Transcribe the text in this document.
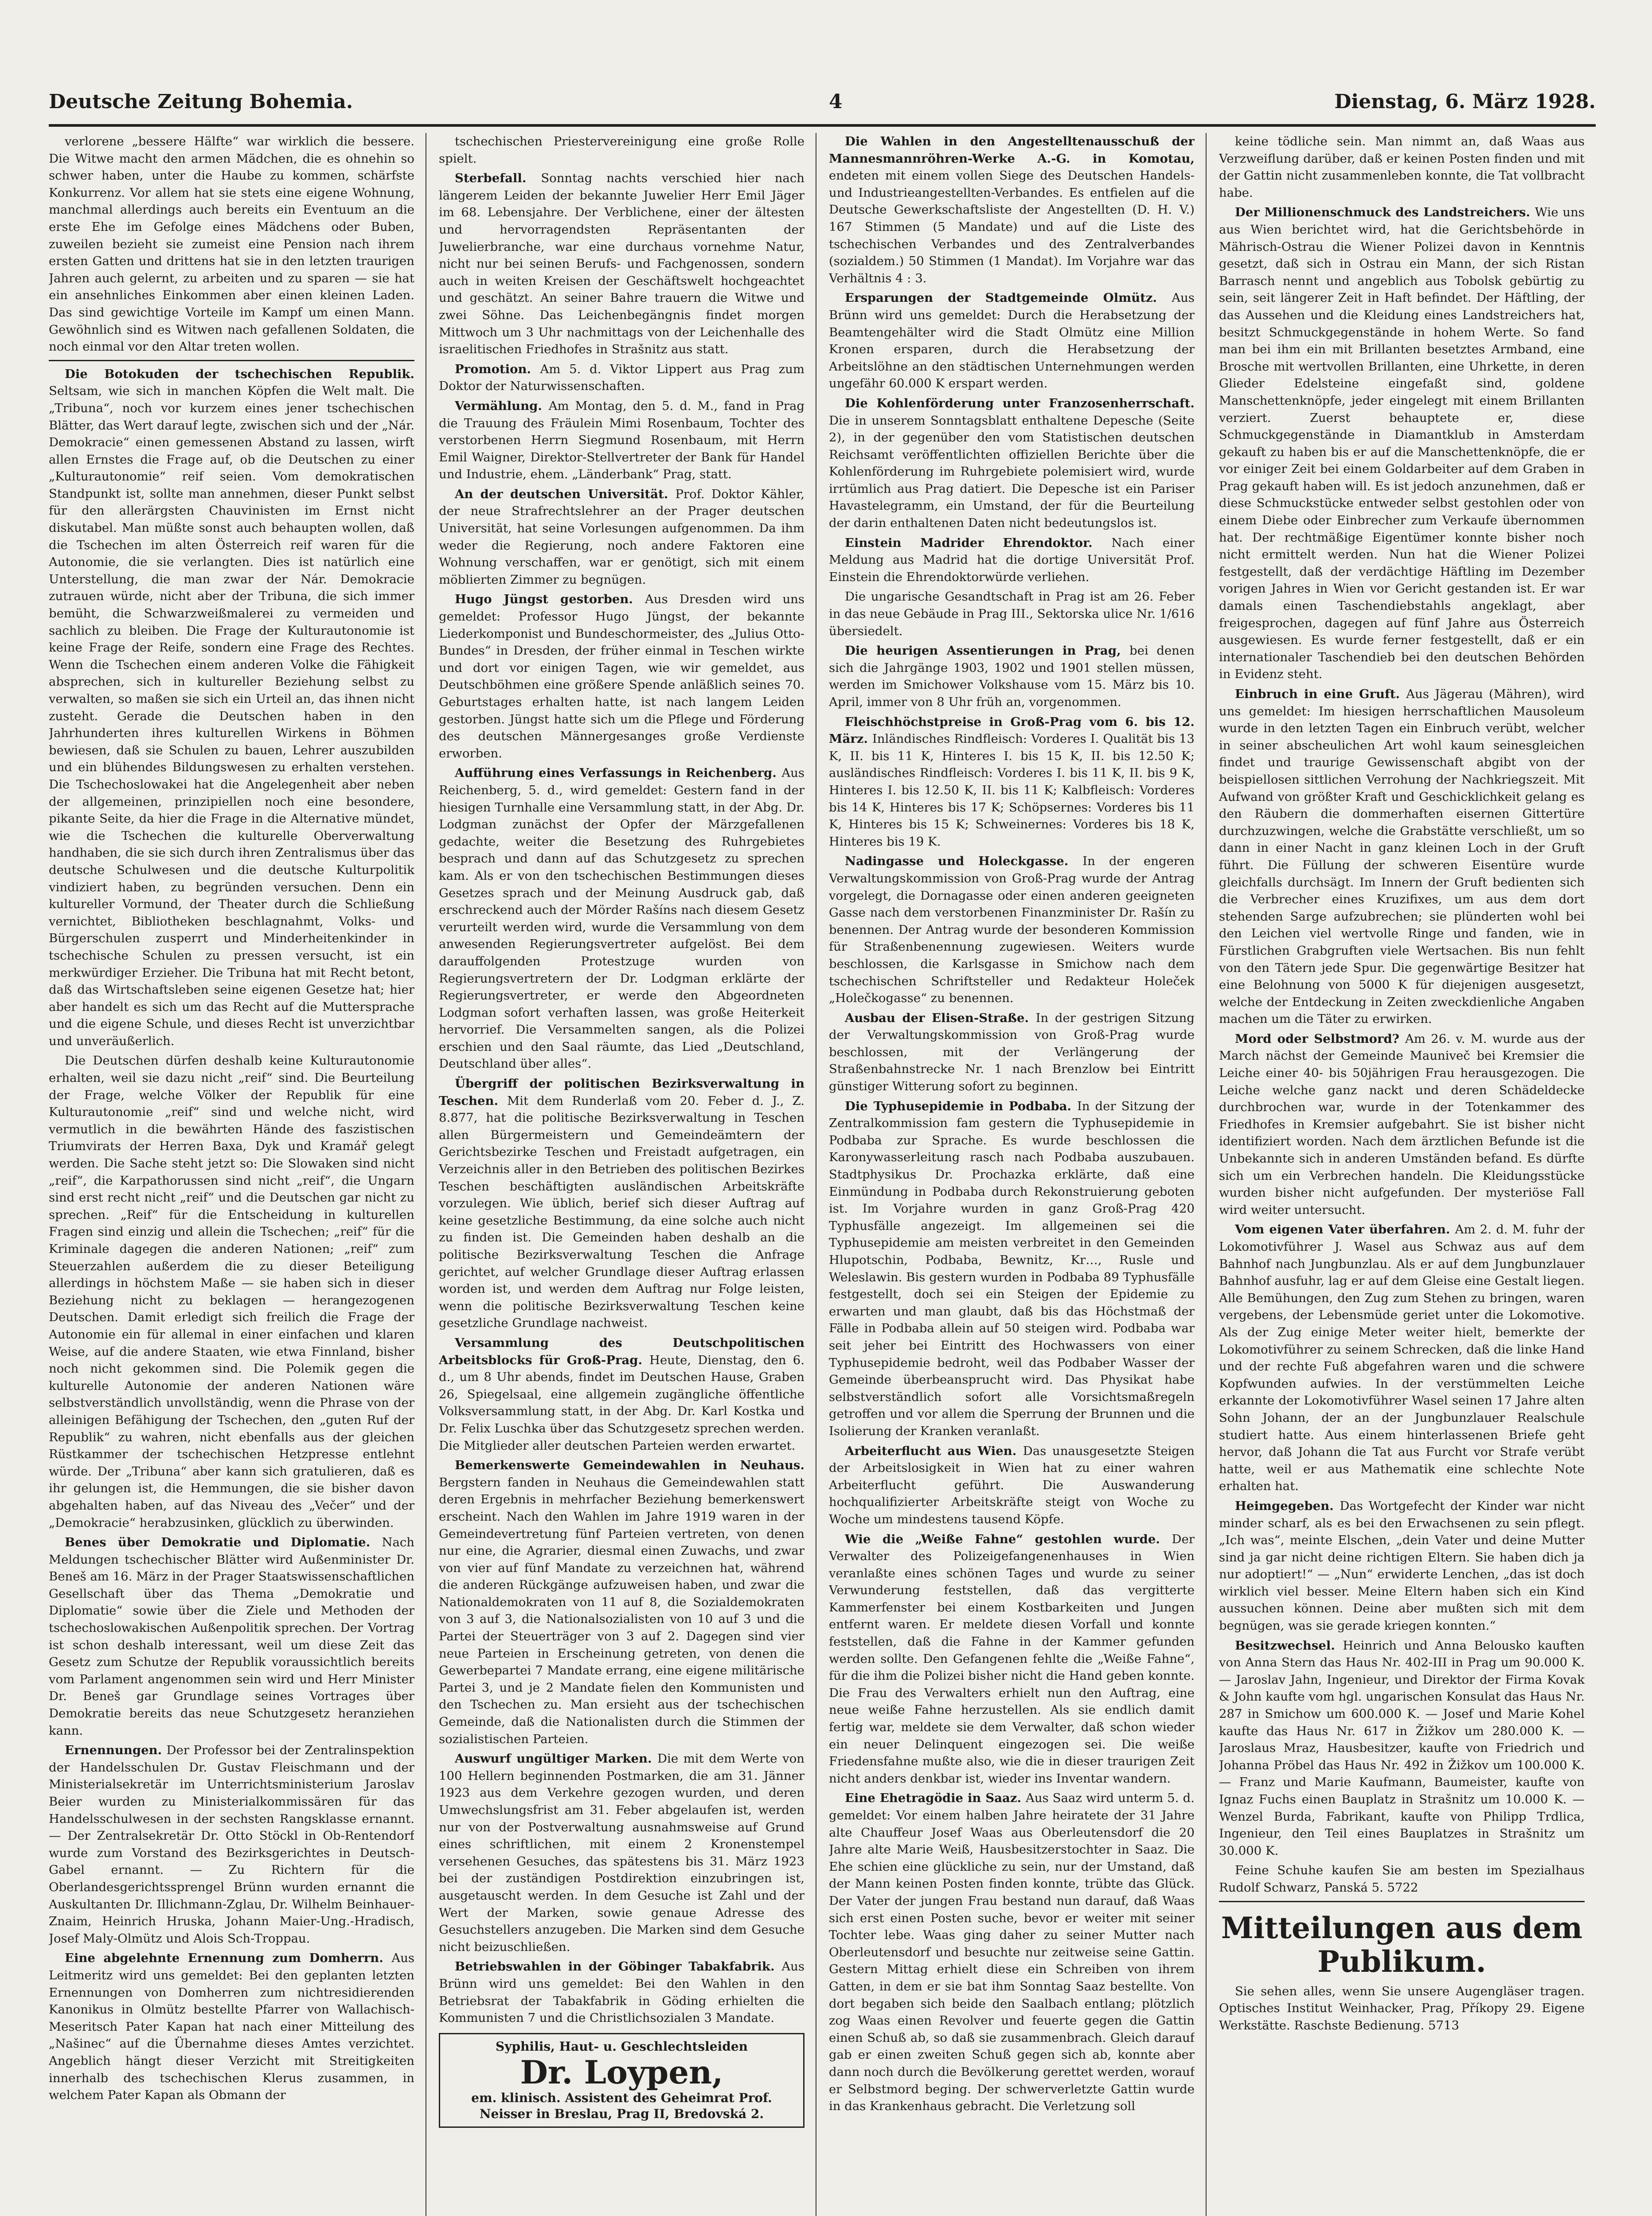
Deutsche Zeitung Bohemia.	4	Dienstag, 6. März 1928.

verlorene „bessere Hälfte“ war wirklich die bessere. Die Witwe macht den armen Mädchen, die es ohnehin so schwer haben, unter die Haube zu kommen, schärfste Konkurrenz. Vor allem hat sie stets eine eigene Wohnung, manchmal allerdings auch bereits ein Eventuum an die erste Ehe im Gefolge eines Mädchens oder Buben, zuweilen bezieht sie zumeist eine Pension nach ihrem ersten Gatten und drittens hat sie in den letzten traurigen Jahren auch gelernt, zu arbeiten und zu sparen — sie hat ein ansehnliches Einkommen aber einen kleinen Laden. Das sind gewichtige Vorteile im Kampf um einen Mann. Gewöhnlich sind es Witwen nach gefallenen Soldaten, die noch einmal vor den Altar treten wollen.

Die Botokuden der tschechischen Republik. Seltsam, wie sich in manchen Köpfen die Welt malt. Die „Tribuna“, noch vor kurzem eines jener tschechischen Blätter, das Wert darauf legte, zwischen sich und der „Nár. Demokracie“ einen gemessenen Abstand zu lassen, wirft allen Ernstes die Frage auf, ob die Deutschen zu einer „Kulturautonomie“ reif seien. Vom demokratischen Standpunkt ist, sollte man annehmen, dieser Punkt selbst für den allerärgsten Chauvinisten im Ernst nicht diskutabel. Man müßte sonst auch behaupten wollen, daß die Tschechen im alten Österreich reif waren für die Autonomie, die sie verlangten. Dies ist natürlich eine Unterstellung, die man zwar der Nár. Demokracie zutrauen würde, nicht aber der Tribuna, die sich immer bemüht, die Schwarzweißmalerei zu vermeiden und sachlich zu bleiben. Die Frage der Kulturautonomie ist keine Frage der Reife, sondern eine Frage des Rechtes. Wenn die Tschechen einem anderen Volke die Fähigkeit absprechen, sich in kultureller Beziehung selbst zu verwalten, so maßen sie sich ein Urteil an, das ihnen nicht zusteht. Gerade die Deutschen haben in den Jahrhunderten ihres kulturellen Wirkens in Böhmen bewiesen, daß sie Schulen zu bauen, Lehrer auszubilden und ein blühendes Bildungswesen zu erhalten verstehen. Die Tschechoslowakei hat die Angelegenheit aber neben der allgemeinen, prinzipiellen noch eine besondere, pikante Seite, da hier die Frage in die Alternative mündet, wie die Tschechen die kulturelle Oberverwaltung handhaben, die sie sich durch ihren Zentralismus über das deutsche Schulwesen und die deutsche Kulturpolitik vindiziert haben, zu begründen versuchen. Denn ein kultureller Vormund, der Theater durch die Schließung vernichtet, Bibliotheken beschlagnahmt, Volks- und Bürgerschulen zusperrt und Minderheitenkinder in tschechische Schulen zu pressen versucht, ist ein merkwürdiger Erzieher. Die Tribuna hat mit Recht betont, daß das Wirtschaftsleben seine eigenen Gesetze hat; hier aber handelt es sich um das Recht auf die Muttersprache und die eigene Schule, und dieses Recht ist unverzichtbar und unveräußerlich.

Die Deutschen dürfen deshalb keine Kulturautonomie erhalten, weil sie dazu nicht „reif“ sind. Die Beurteilung der Frage, welche Völker der Republik für eine Kulturautonomie „reif“ sind und welche nicht, wird vermutlich in die bewährten Hände des faszistischen Triumvirats der Herren Baxa, Dyk und Kramář gelegt werden. Die Sache steht jetzt so: Die Slowaken sind nicht „reif“, die Karpathorussen sind nicht „reif“, die Ungarn sind erst recht nicht „reif“ und die Deutschen gar nicht zu sprechen. „Reif“ für die Entscheidung in kulturellen Fragen sind einzig und allein die Tschechen; „reif“ für die Kriminale dagegen die anderen Nationen; „reif“ zum Steuerzahlen außerdem die zu dieser Beteiligung allerdings in höchstem Maße — sie haben sich in dieser Beziehung nicht zu beklagen — herangezogenen Deutschen. Damit erledigt sich freilich die Frage der Autonomie ein für allemal in einer einfachen und klaren Weise, auf die andere Staaten, wie etwa Finnland, bisher noch nicht gekommen sind. Die Polemik gegen die kulturelle Autonomie der anderen Nationen wäre selbstverständlich unvollständig, wenn die Phrase von der alleinigen Befähigung der Tschechen, den „guten Ruf der Republik“ zu wahren, nicht ebenfalls aus der gleichen Rüstkammer der tschechischen Hetzpresse entlehnt würde. Der „Tribuna“ aber kann sich gratulieren, daß es ihr gelungen ist, die Hemmungen, die sie bisher davon abgehalten haben, auf das Niveau des „Večer“ und der „Demokracie“ herabzusinken, glücklich zu überwinden.

Benes über Demokratie und Diplomatie. Nach Meldungen tschechischer Blätter wird Außenminister Dr. Beneš am 16. März in der Prager Staatswissenschaftlichen Gesellschaft über das Thema „Demokratie und Diplomatie“ sowie über die Ziele und Methoden der tschechoslowakischen Außenpolitik sprechen. Der Vortrag ist schon deshalb interessant, weil um diese Zeit das Gesetz zum Schutze der Republik voraussichtlich bereits vom Parlament angenommen sein wird und Herr Minister Dr. Beneš gar Grundlage seines Vortrages über Demokratie bereits das neue Schutzgesetz heranziehen kann.

Ernennungen. Der Professor bei der Zentralinspektion der Handelsschulen Dr. Gustav Fleischmann und der Ministerialsekretär im Unterrichtsministerium Jaroslav Beier wurden zu Ministerialkommissären für das Handelsschulwesen in der sechsten Rangsklasse ernannt. — Der Zentralsekretär Dr. Otto Stöckl in Ob-Rentendorf wurde zum Vorstand des Bezirksgerichtes in Deutsch-Gabel ernannt. — Zu Richtern für die Oberlandesgerichtssprengel Brünn wurden ernannt die Auskultanten Dr. Illichmann-Zglau, Dr. Wilhelm Beinhauer-Znaim, Heinrich Hruska, Johann Maier-Ung.-Hradisch, Josef Maly-Olmütz und Alois Sch-Troppau.

Eine abgelehnte Ernennung zum Domherrn. Aus Leitmeritz wird uns gemeldet: Bei den geplanten letzten Ernennungen von Domherren zum nichtresidierenden Kanonikus in Olmütz bestellte Pfarrer von Wallachisch-Meseritsch Pater Kapan hat nach einer Mitteilung des „Našinec“ auf die Übernahme dieses Amtes verzichtet. Angeblich hängt dieser Verzicht mit Streitigkeiten innerhalb des tschechischen Klerus zusammen, in welchem Pater Kapan als Obmann der

tschechischen Priestervereinigung eine große Rolle spielt.

Sterbefall. Sonntag nachts verschied hier nach längerem Leiden der bekannte Juwelier Herr Emil Jäger im 68. Lebensjahre. Der Verblichene, einer der ältesten und hervorragendsten Repräsentanten der Juwelierbranche, war eine durchaus vornehme Natur, nicht nur bei seinen Berufs- und Fachgenossen, sondern auch in weiten Kreisen der Geschäftswelt hochgeachtet und geschätzt. An seiner Bahre trauern die Witwe und zwei Söhne. Das Leichenbegängnis findet morgen Mittwoch um 3 Uhr nachmittags von der Leichenhalle des israelitischen Friedhofes in Strašnitz aus statt.

Promotion. Am 5. d. Viktor Lippert aus Prag zum Doktor der Naturwissenschaften.

Vermählung. Am Montag, den 5. d. M., fand in Prag die Trauung des Fräulein Mimi Rosenbaum, Tochter des verstorbenen Herrn Siegmund Rosenbaum, mit Herrn Emil Waigner, Direktor-Stellvertreter der Bank für Handel und Industrie, ehem. „Länderbank“ Prag, statt.

An der deutschen Universität. Prof. Doktor Kähler, der neue Strafrechtslehrer an der Prager deutschen Universität, hat seine Vorlesungen aufgenommen. Da ihm weder die Regierung, noch andere Faktoren eine Wohnung verschaffen, war er genötigt, sich mit einem möblierten Zimmer zu begnügen.

Hugo Jüngst gestorben. Aus Dresden wird uns gemeldet: Professor Hugo Jüngst, der bekannte Liederkomponist und Bundeschormeister, des „Julius Otto-Bundes“ in Dresden, der früher einmal in Teschen wirkte und dort vor einigen Tagen, wie wir gemeldet, aus Deutschböhmen eine größere Spende anläßlich seines 70. Geburtstages erhalten hatte, ist nach langem Leiden gestorben. Jüngst hatte sich um die Pflege und Förderung des deutschen Männergesanges große Verdienste erworben.

Aufführung eines Verfassungs in Reichenberg. Aus Reichenberg, 5. d., wird gemeldet: Gestern fand in der hiesigen Turnhalle eine Versammlung statt, in der Abg. Dr. Lodgman zunächst der Opfer der Märzgefallenen gedachte, weiter die Besetzung des Ruhrgebietes besprach und dann auf das Schutzgesetz zu sprechen kam. Als er von den tschechischen Bestimmungen dieses Gesetzes sprach und der Meinung Ausdruck gab, daß erschreckend auch der Mörder Rašíns nach diesem Gesetz verurteilt werden wird, wurde die Versammlung von dem anwesenden Regierungsvertreter aufgelöst. Bei dem darauffolgenden Protestzuge wurden von Regierungsvertretern der Dr. Lodgman erklärte der Regierungsvertreter, er werde den Abgeordneten Lodgman sofort verhaften lassen, was große Heiterkeit hervorrief. Die Versammelten sangen, als die Polizei erschien und den Saal räumte, das Lied „Deutschland, Deutschland über alles“.

Übergriff der politischen Bezirksverwaltung in Teschen. Mit dem Runderlaß vom 20. Feber d. J., Z. 8.877, hat die politische Bezirksverwaltung in Teschen allen Bürgermeistern und Gemeindeämtern der Gerichtsbezirke Teschen und Freistadt aufgetragen, ein Verzeichnis aller in den Betrieben des politischen Bezirkes Teschen beschäftigten ausländischen Arbeitskräfte vorzulegen. Wie üblich, berief sich dieser Auftrag auf keine gesetzliche Bestimmung, da eine solche auch nicht zu finden ist. Die Gemeinden haben deshalb an die politische Bezirksverwaltung Teschen die Anfrage gerichtet, auf welcher Grundlage dieser Auftrag erlassen worden ist, und werden dem Auftrag nur Folge leisten, wenn die politische Bezirksverwaltung Teschen keine gesetzliche Grundlage nachweist.

Versammlung des Deutschpolitischen Arbeitsblocks für Groß-Prag. Heute, Dienstag, den 6. d., um 8 Uhr abends, findet im Deutschen Hause, Graben 26, Spiegelsaal, eine allgemein zugängliche öffentliche Volksversammlung statt, in der Abg. Dr. Karl Kostka und Dr. Felix Luschka über das Schutzgesetz sprechen werden. Die Mitglieder aller deutschen Parteien werden erwartet.

Bemerkenswerte Gemeindewahlen in Neuhaus. Bergstern fanden in Neuhaus die Gemeindewahlen statt deren Ergebnis in mehrfacher Beziehung bemerkenswert erscheint. Nach den Wahlen im Jahre 1919 waren in der Gemeindevertretung fünf Parteien vertreten, von denen nur eine, die Agrarier, diesmal einen Zuwachs, und zwar von vier auf fünf Mandate zu verzeichnen hat, während die anderen Rückgänge aufzuweisen haben, und zwar die Nationaldemokraten von 11 auf 8, die Sozialdemokraten von 3 auf 3, die Nationalsozialisten von 10 auf 3 und die Partei der Steuerträger von 3 auf 2. Dagegen sind vier neue Parteien in Erscheinung getreten, von denen die Gewerbepartei 7 Mandate errang, eine eigene militärische Partei 3, und je 2 Mandate fielen den Kommunisten und den Tschechen zu. Man ersieht aus der tschechischen Gemeinde, daß die Nationalisten durch die Stimmen der sozialistischen Parteien.

Auswurf ungültiger Marken. Die mit dem Werte von 100 Hellern beginnenden Postmarken, die am 31. Jänner 1923 aus dem Verkehre gezogen wurden, und deren Umwechslungsfrist am 31. Feber abgelaufen ist, werden nur von der Postverwaltung ausnahmsweise auf Grund eines schriftlichen, mit einem 2 Kronenstempel versehenen Gesuches, das spätestens bis 31. März 1923 bei der zuständigen Postdirektion einzubringen ist, ausgetauscht werden. In dem Gesuche ist Zahl und der Wert der Marken, sowie genaue Adresse des Gesuchstellers anzugeben. Die Marken sind dem Gesuche nicht beizuschließen.

Betriebswahlen in der Göbinger Tabakfabrik. Aus Brünn wird uns gemeldet: Bei den Wahlen in den Betriebsrat der Tabakfabrik in Göding erhielten die Kommunisten 7 und die Christlichsozialen 3 Mandate.

Syphilis, Haut- u. Geschlechtsleiden
Dr. Loypen,
em. klinisch. Assistent des Geheimrat Prof. Neisser in Breslau, Prag II, Bredovská 2.

Die Wahlen in den Angestelltenausschuß der Mannesmannröhren-Werke A.-G. in Komotau, endeten mit einem vollen Siege des Deutschen Handels- und Industrieangestellten-Verbandes. Es entfielen auf die Deutsche Gewerkschaftsliste der Angestellten (D. H. V.) 167 Stimmen (5 Mandate) und auf die Liste des tschechischen Verbandes und des Zentralverbandes (sozialdem.) 50 Stimmen (1 Mandat). Im Vorjahre war das Verhältnis 4 : 3.

Ersparungen der Stadtgemeinde Olmütz. Aus Brünn wird uns gemeldet: Durch die Herabsetzung der Beamtengehälter wird die Stadt Olmütz eine Million Kronen ersparen, durch die Herabsetzung der Arbeitslöhne an den städtischen Unternehmungen werden ungefähr 60.000 K erspart werden.

Die Kohlenförderung unter Franzosenherrschaft. Die in unserem Sonntagsblatt enthaltene Depesche (Seite 2), in der gegenüber den vom Statistischen deutschen Reichsamt veröffentlichten offiziellen Berichte über die Kohlenförderung im Ruhrgebiete polemisiert wird, wurde irrtümlich aus Prag datiert. Die Depesche ist ein Pariser Havastelegramm, ein Umstand, der für die Beurteilung der darin enthaltenen Daten nicht bedeutungslos ist.

Einstein Madrider Ehrendoktor. Nach einer Meldung aus Madrid hat die dortige Universität Prof. Einstein die Ehrendoktorwürde verliehen.

Die ungarische Gesandtschaft in Prag ist am 26. Feber in das neue Gebäude in Prag III., Sektorska ulice Nr. 1/616 übersiedelt.

Die heurigen Assentierungen in Prag, bei denen sich die Jahrgänge 1903, 1902 und 1901 stellen müssen, werden im Smichower Volkshause vom 15. März bis 10. April, immer von 8 Uhr früh an, vorgenommen.

Fleischhöchstpreise in Groß-Prag vom 6. bis 12. März. Inländisches Rindfleisch: Vorderes I. Qualität bis 13 K, II. bis 11 K, Hinteres I. bis 15 K, II. bis 12.50 K; ausländisches Rindfleisch: Vorderes I. bis 11 K, II. bis 9 K, Hinteres I. bis 12.50 K, II. bis 11 K; Kalbfleisch: Vorderes bis 14 K, Hinteres bis 17 K; Schöpsernes: Vorderes bis 11 K, Hinteres bis 15 K; Schweinernes: Vorderes bis 18 K, Hinteres bis 19 K.

Nadingasse und Holeckgasse. In der engeren Verwaltungskommission von Groß-Prag wurde der Antrag vorgelegt, die Dornagasse oder einen anderen geeigneten Gasse nach dem verstorbenen Finanzminister Dr. Rašín zu benennen. Der Antrag wurde der besonderen Kommission für Straßenbenennung zugewiesen. Weiters wurde beschlossen, die Karlsgasse in Smichow nach dem tschechischen Schriftsteller und Redakteur Holeček „Holečkogasse“ zu benennen.

Ausbau der Elisen-Straße. In der gestrigen Sitzung der Verwaltungskommission von Groß-Prag wurde beschlossen, mit der Verlängerung der Straßenbahnstrecke Nr. 1 nach Brenzlow bei Eintritt günstiger Witterung sofort zu beginnen.

Die Typhusepidemie in Podbaba. In der Sitzung der Zentralkommission fam gestern die Typhusepidemie in Podbaba zur Sprache. Es wurde beschlossen die Karonywasserleitung rasch nach Podbaba auszubauen. Stadtphysikus Dr. Prochazka erklärte, daß eine Einmündung in Podbaba durch Rekonstruierung geboten ist. Im Vorjahre wurden in ganz Groß-Prag 420 Typhusfälle angezeigt. Im allgemeinen sei die Typhusepidemie am meisten verbreitet in den Gemeinden Hlupotschin, Podbaba, Bewnitz, Kr…, Rusle und Weleslawin. Bis gestern wurden in Podbaba 89 Typhusfälle festgestellt, doch sei ein Steigen der Epidemie zu erwarten und man glaubt, daß bis das Höchstmaß der Fälle in Podbaba allein auf 50 steigen wird. Podbaba war seit jeher bei Eintritt des Hochwassers von einer Typhusepidemie bedroht, weil das Podbaber Wasser der Gemeinde überbeansprucht wird. Das Physikat habe selbstverständlich sofort alle Vorsichtsmaßregeln getroffen und vor allem die Sperrung der Brunnen und die Isolierung der Kranken veranlaßt.

Arbeiterflucht aus Wien. Das unausgesetzte Steigen der Arbeitslosigkeit in Wien hat zu einer wahren Arbeiterflucht geführt. Die Auswanderung hochqualifizierter Arbeitskräfte steigt von Woche zu Woche um mindestens tausend Köpfe.

Wie die „Weiße Fahne“ gestohlen wurde. Der Verwalter des Polizeigefangenenhauses in Wien veranlaßte eines schönen Tages und wurde zu seiner Verwunderung feststellen, daß das vergitterte Kammerfenster bei einem Kostbarkeiten und Jungen entfernt waren. Er meldete diesen Vorfall und konnte feststellen, daß die Fahne in der Kammer gefunden werden sollte. Den Gefangenen fehlte die „Weiße Fahne“, für die ihm die Polizei bisher nicht die Hand geben konnte. Die Frau des Verwalters erhielt nun den Auftrag, eine neue weiße Fahne herzustellen. Als sie endlich damit fertig war, meldete sie dem Verwalter, daß schon wieder ein neuer Delinquent eingezogen sei. Die weiße Friedensfahne mußte also, wie die in dieser traurigen Zeit nicht anders denkbar ist, wieder ins Inventar wandern.

Eine Ehetragödie in Saaz. Aus Saaz wird unterm 5. d. gemeldet: Vor einem halben Jahre heiratete der 31 Jahre alte Chauffeur Josef Waas aus Oberleutensdorf die 20 Jahre alte Marie Weiß, Hausbesitzerstochter in Saaz. Die Ehe schien eine glückliche zu sein, nur der Umstand, daß der Mann keinen Posten finden konnte, trübte das Glück. Der Vater der jungen Frau bestand nun darauf, daß Waas sich erst einen Posten suche, bevor er weiter mit seiner Tochter lebe. Waas ging daher zu seiner Mutter nach Oberleutensdorf und besuchte nur zeitweise seine Gattin. Gestern Mittag erhielt diese ein Schreiben von ihrem Gatten, in dem er sie bat ihm Sonntag Saaz bestellte. Von dort begaben sich beide den Saalbach entlang; plötzlich zog Waas einen Revolver und feuerte gegen die Gattin einen Schuß ab, so daß sie zusammenbrach. Gleich darauf gab er einen zweiten Schuß gegen sich ab, konnte aber dann noch durch die Bevölkerung gerettet werden, worauf er Selbstmord beging. Der schwerverletzte Gattin wurde in das Krankenhaus gebracht. Die Verletzung soll

keine tödliche sein. Man nimmt an, daß Waas aus Verzweiflung darüber, daß er keinen Posten finden und mit der Gattin nicht zusammenleben konnte, die Tat vollbracht habe.

Der Millionenschmuck des Landstreichers. Wie uns aus Wien berichtet wird, hat die Gerichtsbehörde in Mährisch-Ostrau die Wiener Polizei davon in Kenntnis gesetzt, daß sich in Ostrau ein Mann, der sich Ristan Barrasch nennt und angeblich aus Tobolsk gebürtig zu sein, seit längerer Zeit in Haft befindet. Der Häftling, der das Aussehen und die Kleidung eines Landstreichers hat, besitzt Schmuckgegenstände in hohem Werte. So fand man bei ihm ein mit Brillanten besetztes Armband, eine Brosche mit wertvollen Brillanten, eine Uhrkette, in deren Glieder Edelsteine eingefaßt sind, goldene Manschettenknöpfe, jeder eingelegt mit einem Brillanten verziert. Zuerst behauptete er, diese Schmuckgegenstände in Diamantklub in Amsterdam gekauft zu haben bis er auf die Manschettenknöpfe, die er vor einiger Zeit bei einem Goldarbeiter auf dem Graben in Prag gekauft haben will. Es ist jedoch anzunehmen, daß er diese Schmuckstücke entweder selbst gestohlen oder von einem Diebe oder Einbrecher zum Verkaufe übernommen hat. Der rechtmäßige Eigentümer konnte bisher noch nicht ermittelt werden. Nun hat die Wiener Polizei festgestellt, daß der verdächtige Häftling im Dezember vorigen Jahres in Wien vor Gericht gestanden ist. Er war damals einen Taschendiebstahls angeklagt, aber freigesprochen, dagegen auf fünf Jahre aus Österreich ausgewiesen. Es wurde ferner festgestellt, daß er ein internationaler Taschendieb bei den deutschen Behörden in Evidenz steht.

Einbruch in eine Gruft. Aus Jägerau (Mähren), wird uns gemeldet: Im hiesigen herrschaftlichen Mausoleum wurde in den letzten Tagen ein Einbruch verübt, welcher in seiner abscheulichen Art wohl kaum seinesgleichen findet und traurige Gewissenschaft abgibt von der beispiellosen sittlichen Verrohung der Nachkriegszeit. Mit Aufwand von größter Kraft und Geschicklichkeit gelang es den Räubern die dommerhaften eisernen Gittertüre durchzuzwingen, welche die Grabstätte verschließt, um so dann in einer Nacht in ganz kleinen Loch in der Gruft führt. Die Füllung der schweren Eisentüre wurde gleichfalls durchsägt. Im Innern der Gruft bedienten sich die Verbrecher eines Kruzifixes, um aus dem dort stehenden Sarge aufzubrechen; sie plünderten wohl bei den Leichen viel wertvolle Ringe und fanden, wie in Fürstlichen Grabgruften viele Wertsachen. Bis nun fehlt von den Tätern jede Spur. Die gegenwärtige Besitzer hat eine Belohnung von 5000 K für diejenigen ausgesetzt, welche der Entdeckung in Zeiten zweckdienliche Angaben machen um die Täter zu erwirken.

Mord oder Selbstmord? Am 26. v. M. wurde aus der March nächst der Gemeinde Mauniveč bei Kremsier die Leiche einer 40- bis 50jährigen Frau herausgezogen. Die Leiche welche ganz nackt und deren Schädeldecke durchbrochen war, wurde in der Totenkammer des Friedhofes in Kremsier aufgebahrt. Sie ist bisher nicht identifiziert worden. Nach dem ärztlichen Befunde ist die Unbekannte sich in anderen Umständen befand. Es dürfte sich um ein Verbrechen handeln. Die Kleidungsstücke wurden bisher nicht aufgefunden. Der mysteriöse Fall wird weiter untersucht.

Vom eigenen Vater überfahren. Am 2. d. M. fuhr der Lokomotivführer J. Wasel aus Schwaz aus auf dem Bahnhof nach Jungbunzlau. Als er auf dem Jungbunzlauer Bahnhof ausfuhr, lag er auf dem Gleise eine Gestalt liegen. Alle Bemühungen, den Zug zum Stehen zu bringen, waren vergebens, der Lebensmüde geriet unter die Lokomotive. Als der Zug einige Meter weiter hielt, bemerkte der Lokomotivführer zu seinem Schrecken, daß die linke Hand und der rechte Fuß abgefahren waren und die schwere Kopfwunden aufwies. In der verstümmelten Leiche erkannte der Lokomotivführer Wasel seinen 17 Jahre alten Sohn Johann, der an der Jungbunzlauer Realschule studiert hatte. Aus einem hinterlassenen Briefe geht hervor, daß Johann die Tat aus Furcht vor Strafe verübt hatte, weil er aus Mathematik eine schlechte Note erhalten hat.

Heimgegeben. Das Wortgefecht der Kinder war nicht minder scharf, als es bei den Erwachsenen zu sein pflegt. „Ich was“, meinte Elschen, „dein Vater und deine Mutter sind ja gar nicht deine richtigen Eltern. Sie haben dich ja nur adoptiert!“ — „Nun“ erwiderte Lenchen, „das ist doch wirklich viel besser. Meine Eltern haben sich ein Kind aussuchen können. Deine aber mußten sich mit dem begnügen, was sie gerade kriegen konnten.“

Besitzwechsel. Heinrich und Anna Belousko kauften von Anna Stern das Haus Nr. 402-III in Prag um 90.000 K. — Jaroslav Jahn, Ingenieur, und Direktor der Firma Kovak & John kaufte vom hgl. ungarischen Konsulat das Haus Nr. 287 in Smichow um 600.000 K. — Josef und Marie Kohel kaufte das Haus Nr. 617 in Žižkov um 280.000 K. — Jaroslaus Mraz, Hausbesitzer, kaufte von Friedrich und Johanna Pröbel das Haus Nr. 492 in Žižkov um 100.000 K. — Franz und Marie Kaufmann, Baumeister, kaufte von Ignaz Fuchs einen Bauplatz in Strašnitz um 10.000 K. — Wenzel Burda, Fabrikant, kaufte von Philipp Trdlica, Ingenieur, den Teil eines Bauplatzes in Strašnitz um 30.000 K.

Feine Schuhe kaufen Sie am besten im Spezialhaus Rudolf Schwarz, Panská 5. 5722

Mitteilungen aus dem Publikum.

Sie sehen alles, wenn Sie unsere Augengläser tragen. Optisches Institut Weinhacker, Prag, Příkopy 29. Eigene Werkstätte. Raschste Bedienung. 5713
